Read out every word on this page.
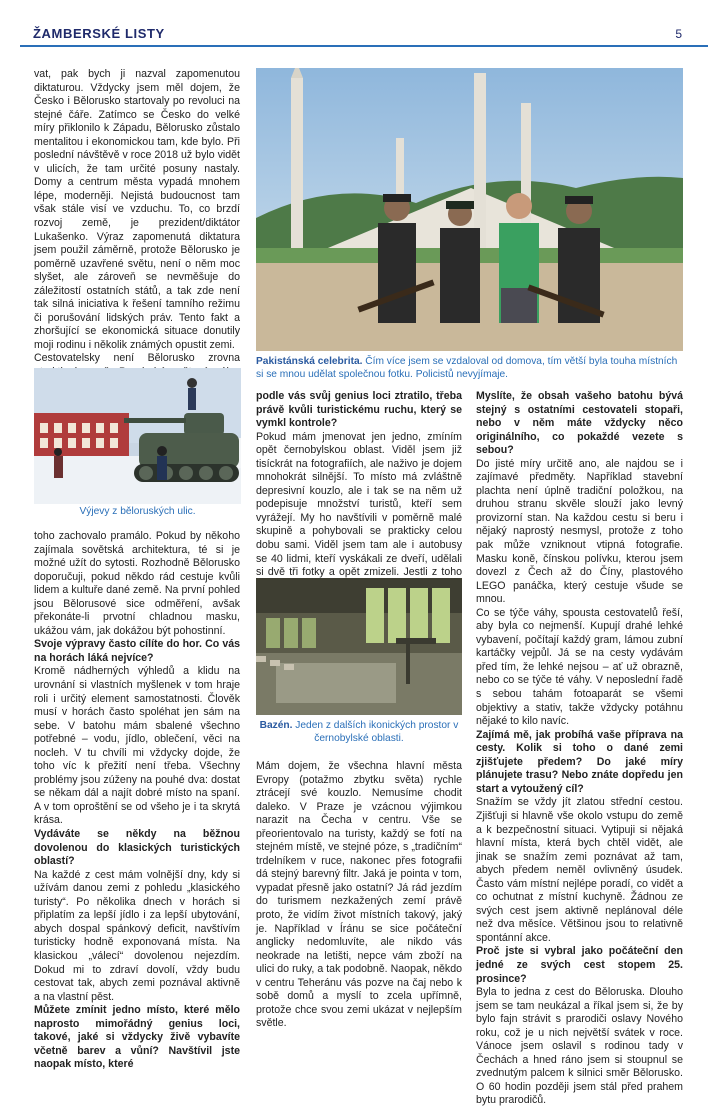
ŽAMBERSKÉ LISTY	5

vat, pak bych ji nazval zapomenutou diktaturou. Vždycky jsem měl dojem, že Česko i Bělorusko startovaly po revoluci na stejné čáře. Zatímco se Česko do velké míry přiklonilo k Západu, Bělorusko zůstalo mentalitou i ekonomickou tam, kde bylo. Při poslední návštěvě v roce 2018 už bylo vidět v ulicích, že tam určité posuny nastaly. Domy a centrum města vypadá mnohem lépe, moderněji. Nejistá budoucnost tam však stále visí ve vzduchu. To, co brzdí rozvoj země, je prezident/diktátor Lukašenko. Výraz zapomenutá diktatura jsem použil záměrně, protože Bělorusko je poměrně uzavřené světu, není o něm moc slyšet, ale zároveň se nevměšuje do záležitostí ostatních států, a tak zde není tak silná iniciativa k řešení tamního režimu či porušování lidských práv. Tento fakt a zhoršující se ekonomická situace donutily moji rodinu i několik známých opustit zemi.

Cestovatelsky není Bělorusko zrovna

Výjevy z běloruských ulic.

toho zachovalo pramálo. Pokud by někoho zajímala sovětská architektura, té si je možné užít do sytosti. Rozhodně Bělorusko doporučuji, pokud někdo rád cestuje kvůli lidem a kultuře dané země. Na první pohled jsou Bělorusové sice odměření, avšak překonáte-li prvotní chladnou masku, ukážou vám, jak dokážou být pohostinní.

Svoje výpravy často cílíte do hor. Co vás na horách láká nejvíce?

Kromě nádherných výhledů a klidu na urovnání si vlastních myšlenek v tom hraje roli i určitý element samostatnosti. Člověk musí v horách často spoléhat jen sám na sebe. V batohu mám sbalené všechno potřebné – vodu, jídlo, oblečení, věci na nocleh. V tu chvíli mi vždycky dojde, že toho víc k přežití není třeba. Všechny problémy jsou zúženy na pouhé dva: dostat se někam dál a najít dobré místo na spaní. A v tom oproštění se od všeho je i ta skrytá krása.

Vydáváte se někdy na běžnou dovolenou do klasických turistických oblastí?

Na každé z cest mám volnější dny, kdy si užívám danou zemi z pohledu „klasického turisty“. Po několika dnech v horách si připlatím za lepší jídlo i za lepší ubytování, abych dospal spánkový deficit, navštívím turisticky hodně exponovaná místa. Na klasickou „válecí“ dovolenou nejezdím. Dokud mi to zdraví dovolí, vždy budu cestovat tak, abych zemi poznával aktivně a na vlastní pěst.

Můžete zmínit jedno místo, které mělo naprosto mimořádný genius loci, takové, jaké si vždycky živě vybavíte včetně barev a vůní? Navštívil jste naopak místo, které

Pakistánská celebrita. Čím více jsem se vzdaloval od domova, tím větší byla touha místních si se mnou udělat společnou fotku. Policistů nevyjímaje.

podle vás svůj genius loci ztratilo, třeba právě kvůli turistickému ruchu, který se vymkl kontrole?

Pokud mám jmenovat jen jedno, zmíním opět černobylskou oblast. Viděl jsem již tisíckrát na fotografiích, ale naživo je dojem mnohokrát silnější. To místo má zvláštně depresivní kouzlo, ale i tak se na něm už podepisuje množství turistů, kteří sem vyrážejí. My ho navštívili v poměrně malé skupině a pohybovali se prakticky celou dobu sami. Viděl jsem tam ale i autobusy se 40 lidmi, kteří vyskákali ze dveří, udělali si dvě tři fotky a opět zmizeli. Jestli z toho

Bazén. Jeden z dalších ikonických prostor v černobylské oblasti.

Mám dojem, že všechna hlavní města Evropy (potažmo zbytku světa) rychle ztrácejí své kouzlo. Nemusíme chodit daleko. V Praze je vzácnou výjimkou narazit na Čecha v centru. Vše se přeorientovalo na turisty, každý se fotí na stejném místě, ve stejné póze, s „tradičním“ trdelníkem v ruce, nakonec přes fotografii dá stejný barevný filtr. Jaká je pointa v tom, vypadat přesně jako ostatní? Já rád jezdím do turismem nezkažených zemí právě proto, že vidím život místních takový, jaký je. Například v Íránu se sice počáteční anglicky nedomluvíte, ale nikdo vás neokrade na letišti, nepce vám zboží na ulici do ruky, a tak podobně. Naopak, někdo v centru Teheránu vás pozve na čaj nebo k sobě domů a myslí to zcela upřímně, protože chce svou zemi ukázat v nejlepším světle.

Myslíte, že obsah vašeho batohu bývá stejný s ostatními cestovateli stopaři, nebo v něm máte vždycky něco originálního, co pokaždé vezete s sebou?

Do jisté míry určitě ano, ale najdou se i zajímavé předměty. Například stavební plachta není úplně tradiční položkou, na druhou stranu skvěle slouží jako levný provizorní stan. Na každou cestu si beru i nějaký naprostý nesmysl, protože z toho pak může vzniknout vtipná fotografie. Masku koně, čínskou polívku, kterou jsem dovezl z Čech až do Číny, plastového LEGO panáčka, který cestuje všude se mnou.

Co se týče váhy, spousta cestovatelů řeší, aby byla co nejmenší. Kupují drahé lehké vybavení, počítají každý gram, lámou zubní kartáčky vejpůl. Já se na cesty vydávám před tím, že lehké nejsou – ať už obrazně, nebo co se týče té váhy. V neposlední řadě s sebou tahám fotoaparát se všemi objektivy a stativ, takže vždycky potáhnu nějaké to kilo navíc.

Zajímá mě, jak probíhá vaše příprava na cesty. Kolik si toho o dané zemi zjišťujete předem? Do jaké míry plánujete trasu? Nebo znáte dopředu jen start a vytoužený cíl?

Snažím se vždy jít zlatou střední cestou. Zjišťuji si hlavně vše okolo vstupu do země a k bezpečnostní situaci. Vytipuji si nějaká hlavní místa, která bych chtěl vidět, ale jinak se snažím zemi poznávat až tam, abych předem neměl ovlivněný úsudek. Často vám místní nejlépe poradí, co vidět a co ochutnat z místní kuchyně. Žádnou ze svých cest jsem aktivně neplánoval déle než dva měsíce. Většinou jsou to relativně spontánní akce.

Proč jste si vybral jako počáteční den jedné ze svých cest stopem 25. prosince?

Byla to jedna z cest do Běloruska. Dlouho jsem se tam neukázal a říkal jsem si, že by bylo fajn strávit s prarodiči oslavy Nového roku, což je u nich největší svátek v roce. Vánoce jsem oslavil s rodinou tady v Čechách a hned ráno jsem si stoupnul se zvednutým palcem k silnici směr Bělorusko. O 60 hodin později jsem stál před prahem bytu prarodičů.
